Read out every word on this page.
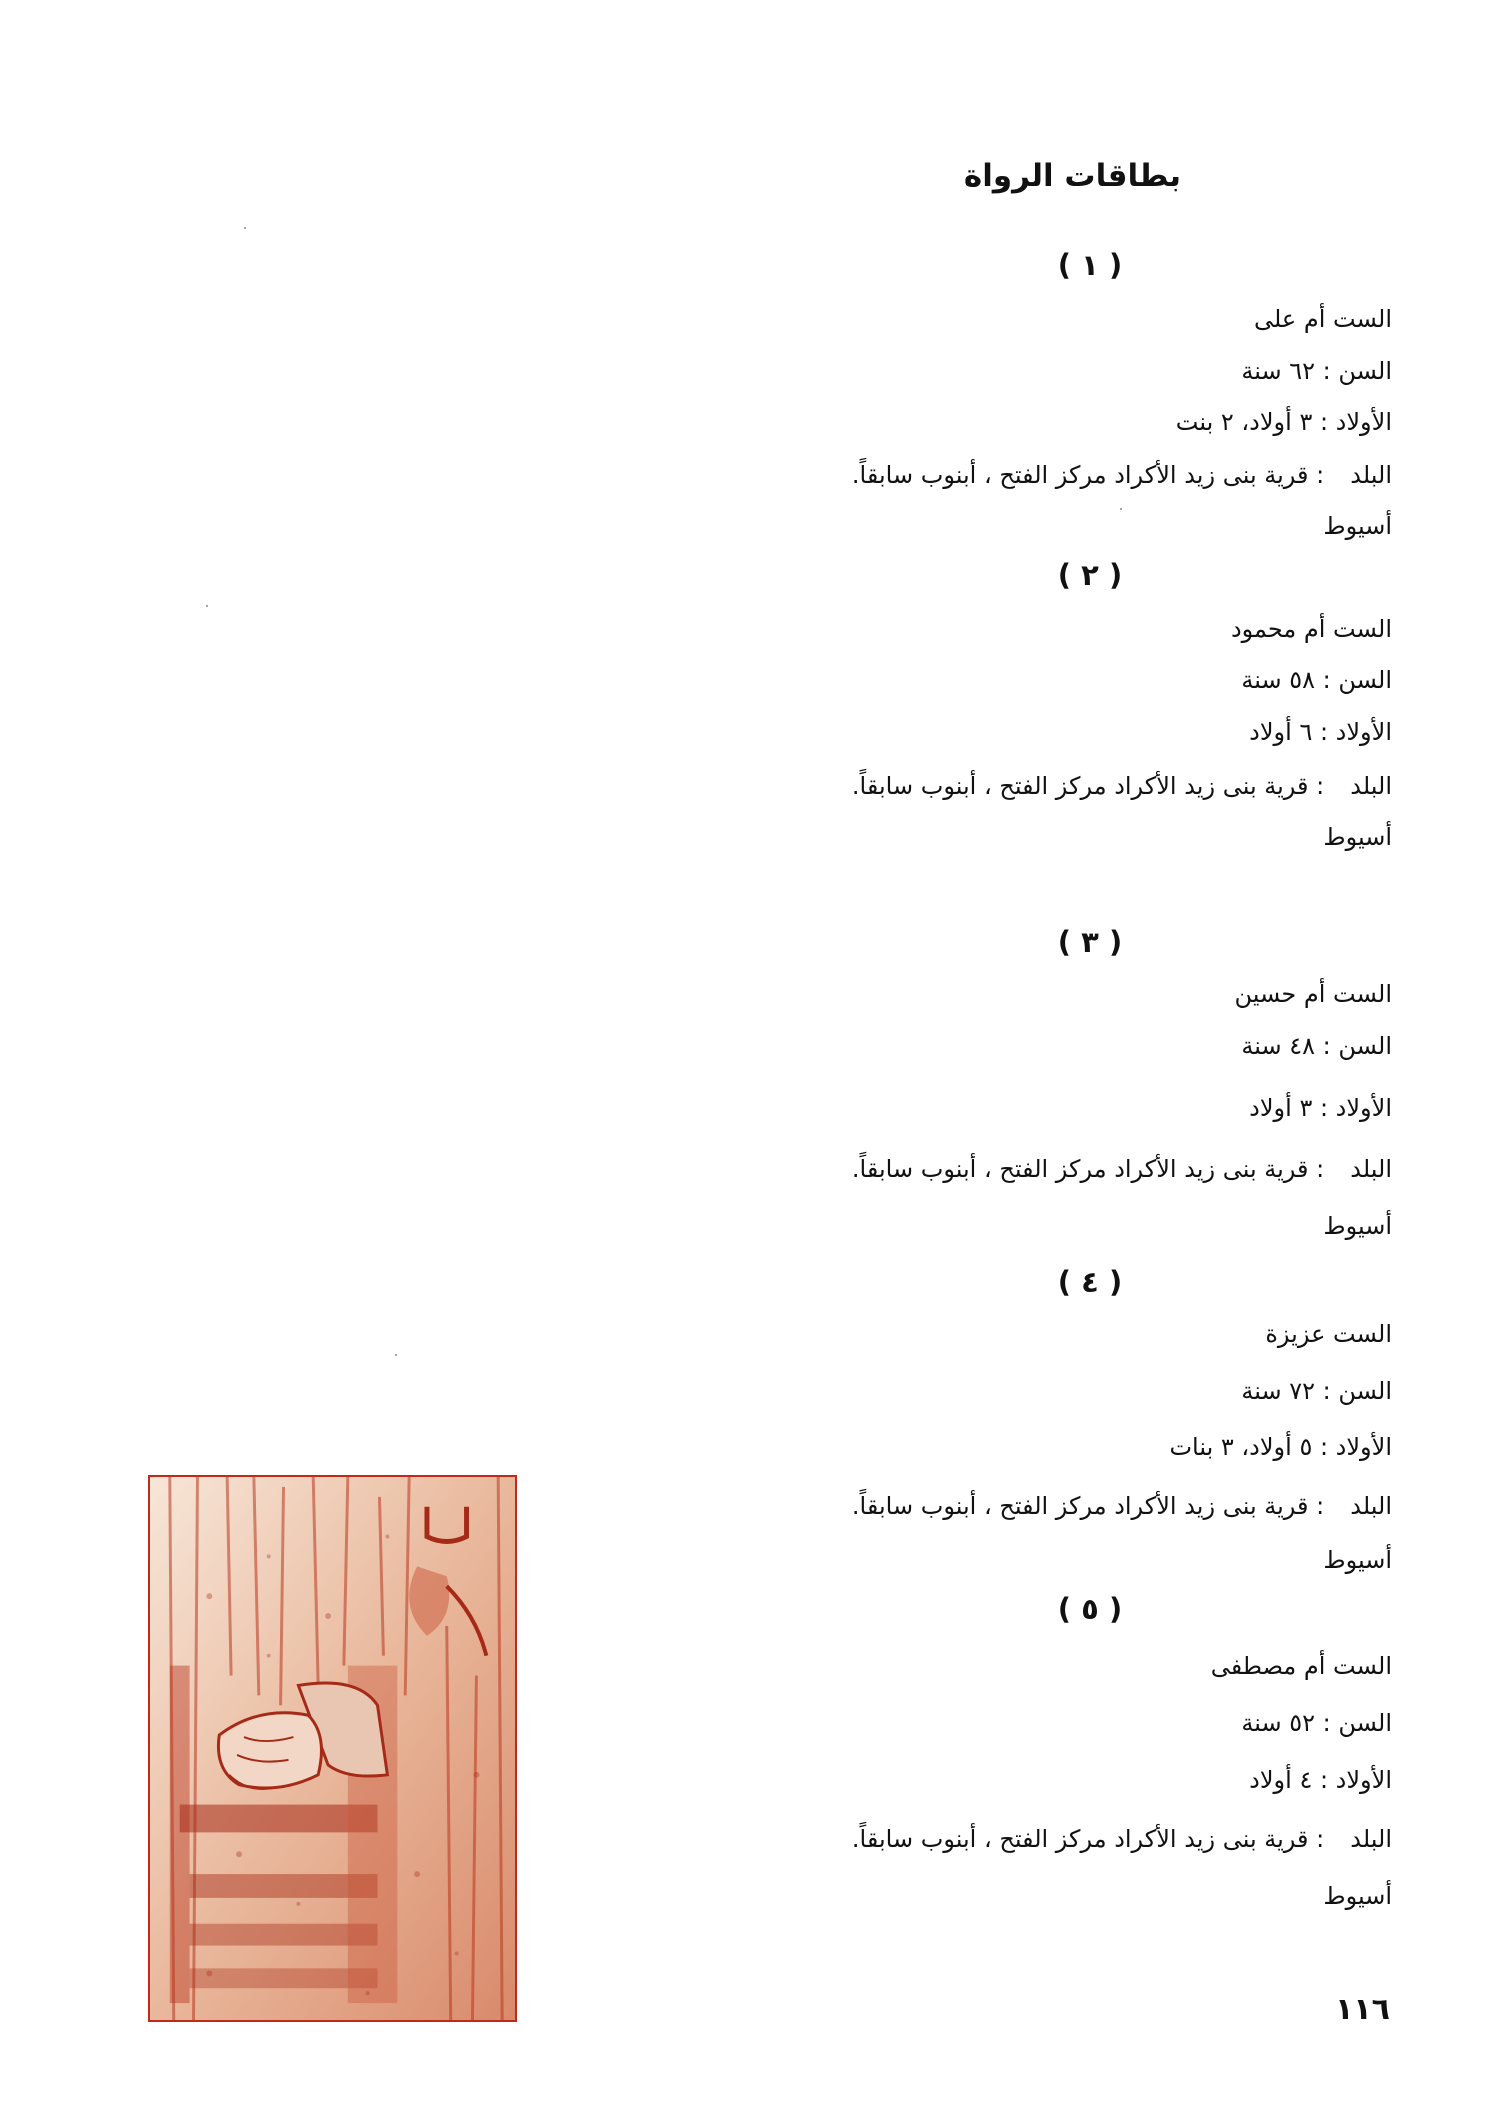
بطاقات الرواة
( ١ )
الست أم على
السن : ٦٢ سنة
الأولاد : ٣ أولاد، ٢ بنت
البلد: قرية بنى زيد الأكراد مركز الفتح ، أبنوب سابقاً.
أسيوط
( ٢ )
الست أم محمود
السن : ٥٨ سنة
الأولاد : ٦ أولاد
البلد: قرية بنى زيد الأكراد مركز الفتح ، أبنوب سابقاً.
أسيوط
( ٣ )
الست أم حسين
السن : ٤٨ سنة
الأولاد : ٣ أولاد
البلد: قرية بنى زيد الأكراد مركز الفتح ، أبنوب سابقاً.
أسيوط
( ٤ )
الست عزيزة
السن : ٧٢ سنة
الأولاد : ٥ أولاد، ٣ بنات
البلد: قرية بنى زيد الأكراد مركز الفتح ، أبنوب سابقاً.
أسيوط
( ٥ )
الست أم مصطفى
السن : ٥٢ سنة
الأولاد : ٤ أولاد
البلد: قرية بنى زيد الأكراد مركز الفتح ، أبنوب سابقاً.
أسيوط
١١٦
